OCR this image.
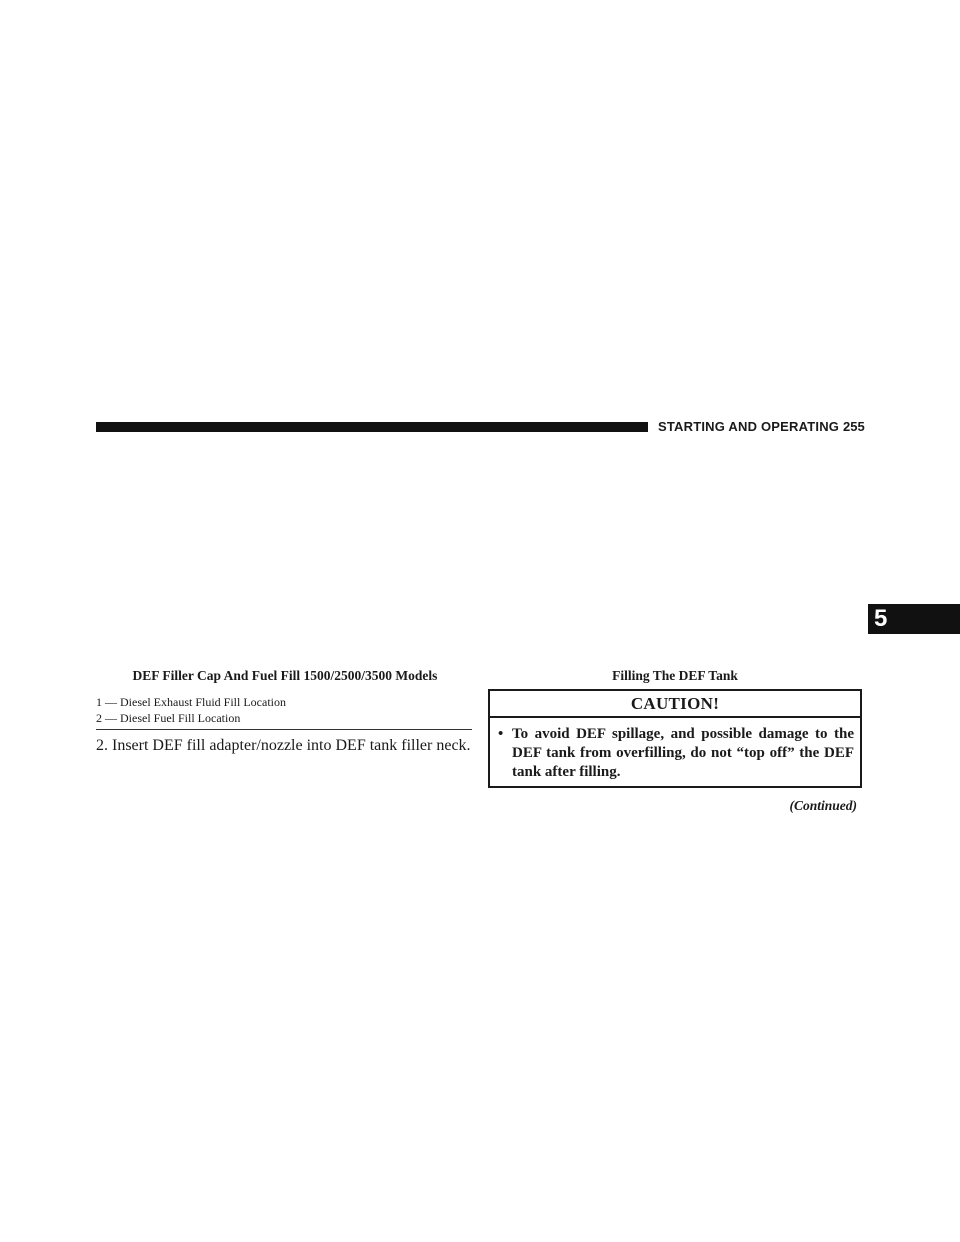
STARTING AND OPERATING 255
5
DEF Filler Cap And Fuel Fill 1500/2500/3500 Models
1 — Diesel Exhaust Fluid Fill Location
2 — Diesel Fuel Fill Location
2. Insert DEF fill adapter/nozzle into DEF tank filler neck.
Filling The DEF Tank
CAUTION!
• To avoid DEF spillage, and possible damage to the DEF tank from overfilling, do not “top off” the DEF tank after filling.
(Continued)
